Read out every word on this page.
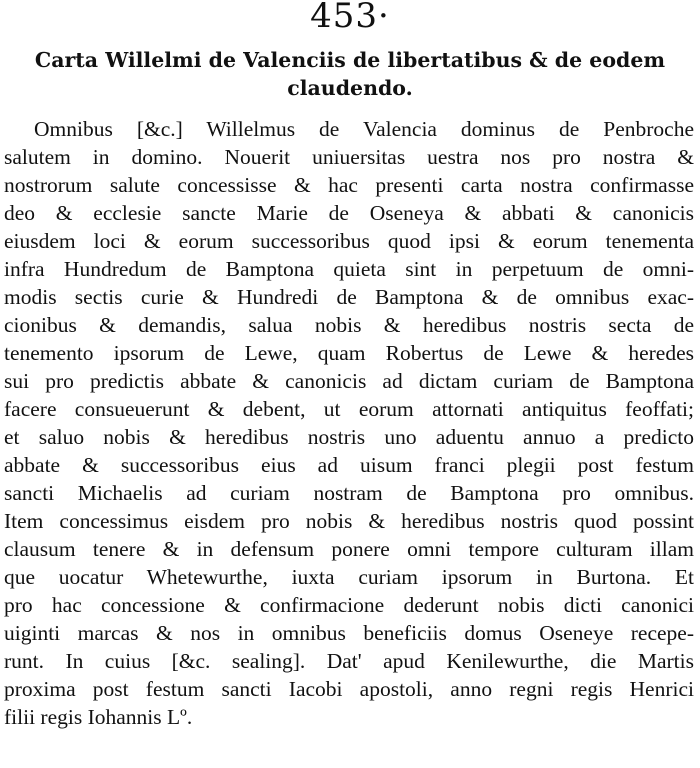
453·
Carta Willelmi de Valenciis de libertatibus & de eodem
claudendo.
Omnibus [&c.] Willelmus de Valencia dominus de Penbroche
salutem in domino. Nouerit uniuersitas uestra nos pro nostra &
nostrorum salute concessisse & hac presenti carta nostra confirmasse
deo & ecclesie sancte Marie de Oseneya & abbati & canonicis
eiusdem loci & eorum successoribus quod ipsi & eorum tenementa
infra Hundredum de Bamptona quieta sint in perpetuum de omni-
modis sectis curie & Hundredi de Bamptona & de omnibus exac-
cionibus & demandis, salua nobis & heredibus nostris secta de
tenemento ipsorum de Lewe, quam Robertus de Lewe & heredes
sui pro predictis abbate & canonicis ad dictam curiam de Bamptona
facere consueuerunt & debent, ut eorum attornati antiquitus feoffati;
et saluo nobis & heredibus nostris uno aduentu annuo a predicto
abbate & successoribus eius ad uisum franci plegii post festum
sancti Michaelis ad curiam nostram de Bamptona pro omnibus.
Item concessimus eisdem pro nobis & heredibus nostris quod possint
clausum tenere & in defensum ponere omni tempore culturam illam
que uocatur Whetewurthe, iuxta curiam ipsorum in Burtona. Et
pro hac concessione & confirmacione dederunt nobis dicti canonici
uiginti marcas & nos in omnibus beneficiis domus Oseneye recepe-
runt. In cuius [&c. sealing]. Dat' apud Kenilewurthe, die Martis
proxima post festum sancti Iacobi apostoli, anno regni regis Henrici
filii regis Iohannis Lº.
